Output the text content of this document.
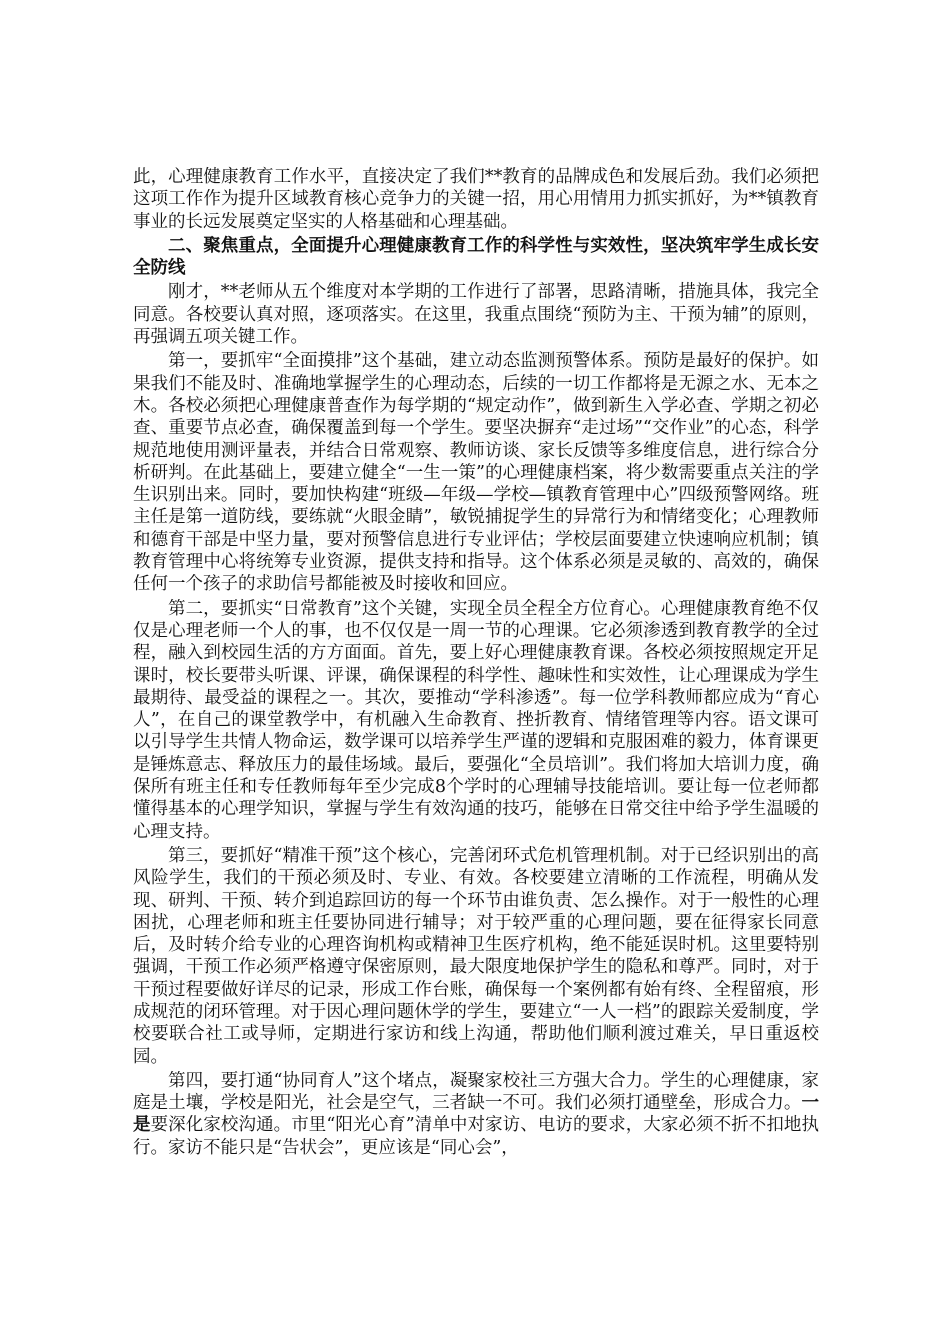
此，心理健康教育工作水平，直接决定了我们**教育的品牌成色和发展后劲。我们必须把这项工作作为提升区域教育核心竞争力的关键一招，用心用情用力抓实抓好，为**镇教育事业的长远发展奠定坚实的人格基础和心理基础。

二、聚焦重点，全面提升心理健康教育工作的科学性与实效性，坚决筑牢学生成长安全防线

刚才，**老师从五个维度对本学期的工作进行了部署，思路清晰，措施具体，我完全同意。各校要认真对照，逐项落实。在这里，我重点围绕“预防为主、干预为辅”的原则，再强调五项关键工作。

第一，要抓牢“全面摸排”这个基础，建立动态监测预警体系。预防是最好的保护。如果我们不能及时、准确地掌握学生的心理动态，后续的一切工作都将是无源之水、无本之木。各校必须把心理健康普查作为每学期的“规定动作”，做到新生入学必查、学期之初必查、重要节点必查，确保覆盖到每一个学生。要坚决摒弃“走过场”“交作业”的心态，科学规范地使用测评量表，并结合日常观察、教师访谈、家长反馈等多维度信息，进行综合分析研判。在此基础上，要建立健全“一生一策”的心理健康档案，将少数需要重点关注的学生识别出来。同时，要加快构建“班级—年级—学校—镇教育管理中心”四级预警网络。班主任是第一道防线，要练就“火眼金睛”，敏锐捕捉学生的异常行为和情绪变化；心理教师和德育干部是中坚力量，要对预警信息进行专业评估；学校层面要建立快速响应机制；镇教育管理中心将统筹专业资源，提供支持和指导。这个体系必须是灵敏的、高效的，确保任何一个孩子的求助信号都能被及时接收和回应。

第二，要抓实“日常教育”这个关键，实现全员全程全方位育心。心理健康教育绝不仅仅是心理老师一个人的事，也不仅仅是一周一节的心理课。它必须渗透到教育教学的全过程，融入到校园生活的方方面面。首先，要上好心理健康教育课。各校必须按照规定开足课时，校长要带头听课、评课，确保课程的科学性、趣味性和实效性，让心理课成为学生最期待、最受益的课程之一。其次，要推动“学科渗透”。每一位学科教师都应成为“育心人”，在自己的课堂教学中，有机融入生命教育、挫折教育、情绪管理等内容。语文课可以引导学生共情人物命运，数学课可以培养学生严谨的逻辑和克服困难的毅力，体育课更是锤炼意志、释放压力的最佳场域。最后，要强化“全员培训”。我们将加大培训力度，确保所有班主任和专任教师每年至少完成8个学时的心理辅导技能培训。要让每一位老师都懂得基本的心理学知识，掌握与学生有效沟通的技巧，能够在日常交往中给予学生温暖的心理支持。

第三，要抓好“精准干预”这个核心，完善闭环式危机管理机制。对于已经识别出的高风险学生，我们的干预必须及时、专业、有效。各校要建立清晰的工作流程，明确从发现、研判、干预、转介到追踪回访的每一个环节由谁负责、怎么操作。对于一般性的心理困扰，心理老师和班主任要协同进行辅导；对于较严重的心理问题，要在征得家长同意后，及时转介给专业的心理咨询机构或精神卫生医疗机构，绝不能延误时机。这里要特别强调，干预工作必须严格遵守保密原则，最大限度地保护学生的隐私和尊严。同时，对于干预过程要做好详尽的记录，形成工作台账，确保每一个案例都有始有终、全程留痕，形成规范的闭环管理。对于因心理问题休学的学生，要建立“一人一档”的跟踪关爱制度，学校要联合社工或导师，定期进行家访和线上沟通，帮助他们顺利渡过难关，早日重返校园。

第四，要打通“协同育人”这个堵点，凝聚家校社三方强大合力。学生的心理健康，家庭是土壤，学校是阳光，社会是空气，三者缺一不可。我们必须打通壁垒，形成合力。一是要深化家校沟通。市里“阳光心育”清单中对家访、电访的要求，大家必须不折不扣地执行。家访不能只是“告状会”，更应该是“同心会”，
